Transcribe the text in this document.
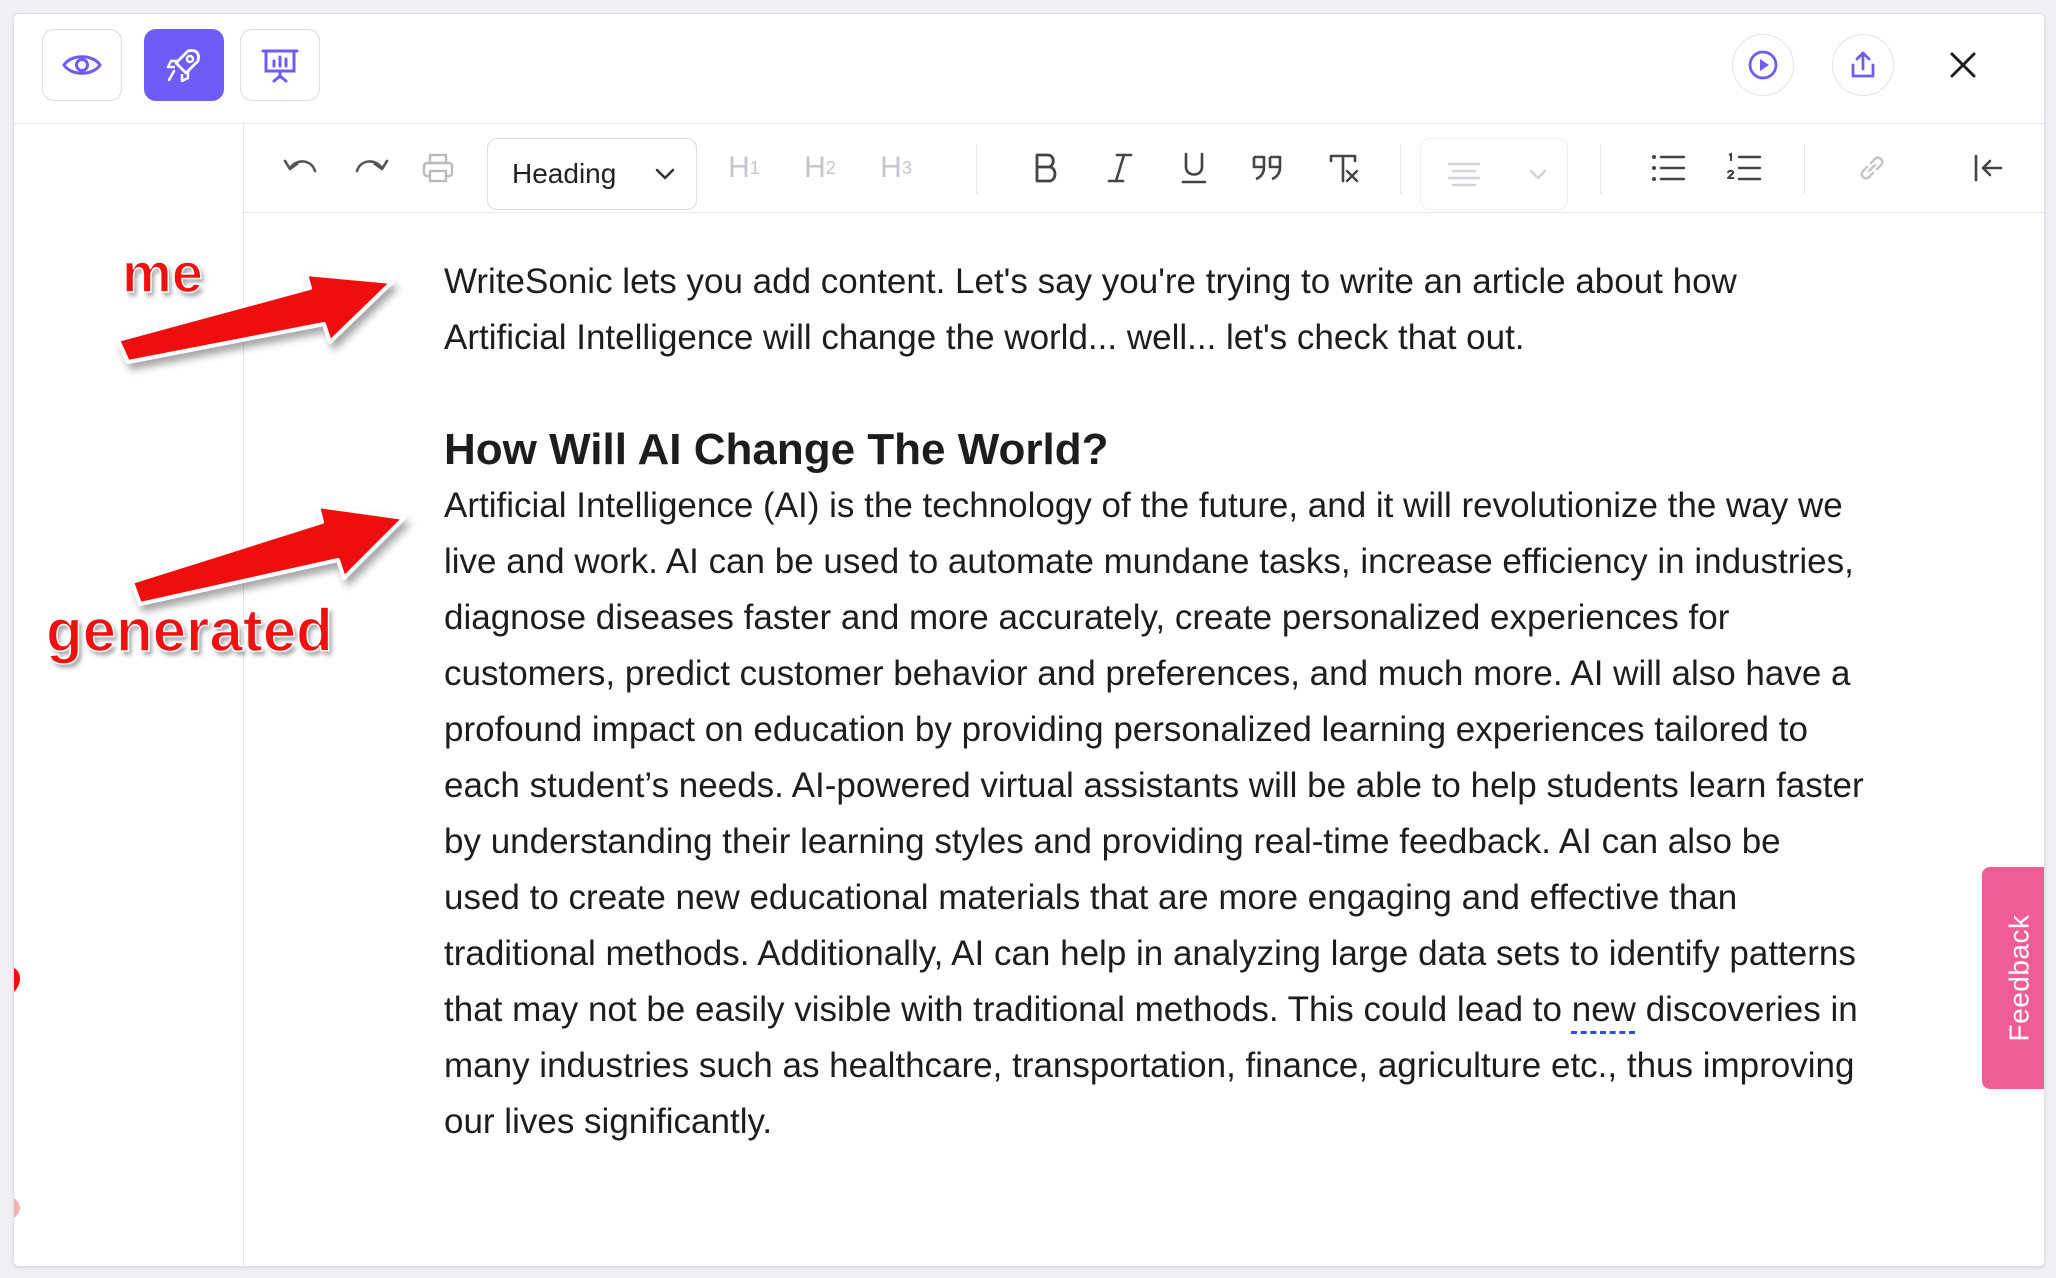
Heading	H 1 H 2 H 3

WriteSonic lets you add content. Let's say you're trying to write an article about how Artificial Intelligence will change the world... well... let's check that out.

How Will AI Change The World?

Artificial Intelligence (AI) is the technology of the future, and it will revolutionize the way we live and work. AI can be used to automate mundane tasks, increase efficiency in industries, diagnose diseases faster and more accurately, create personalized experiences for customers, predict customer behavior and preferences, and much more. AI will also have a profound impact on education by providing personalized learning experiences tailored to each student’s needs. AI-powered virtual assistants will be able to help students learn faster by understanding their learning styles and providing real-time feedback. AI can also be used to create new educational materials that are more engaging and effective than traditional methods. Additionally, AI can help in analyzing large data sets to identify patterns that may not be easily visible with traditional methods. This could lead to new discoveries in many industries such as healthcare, transportation, finance, agriculture etc., thus improving our lives significantly.

Feedback
me
generated
